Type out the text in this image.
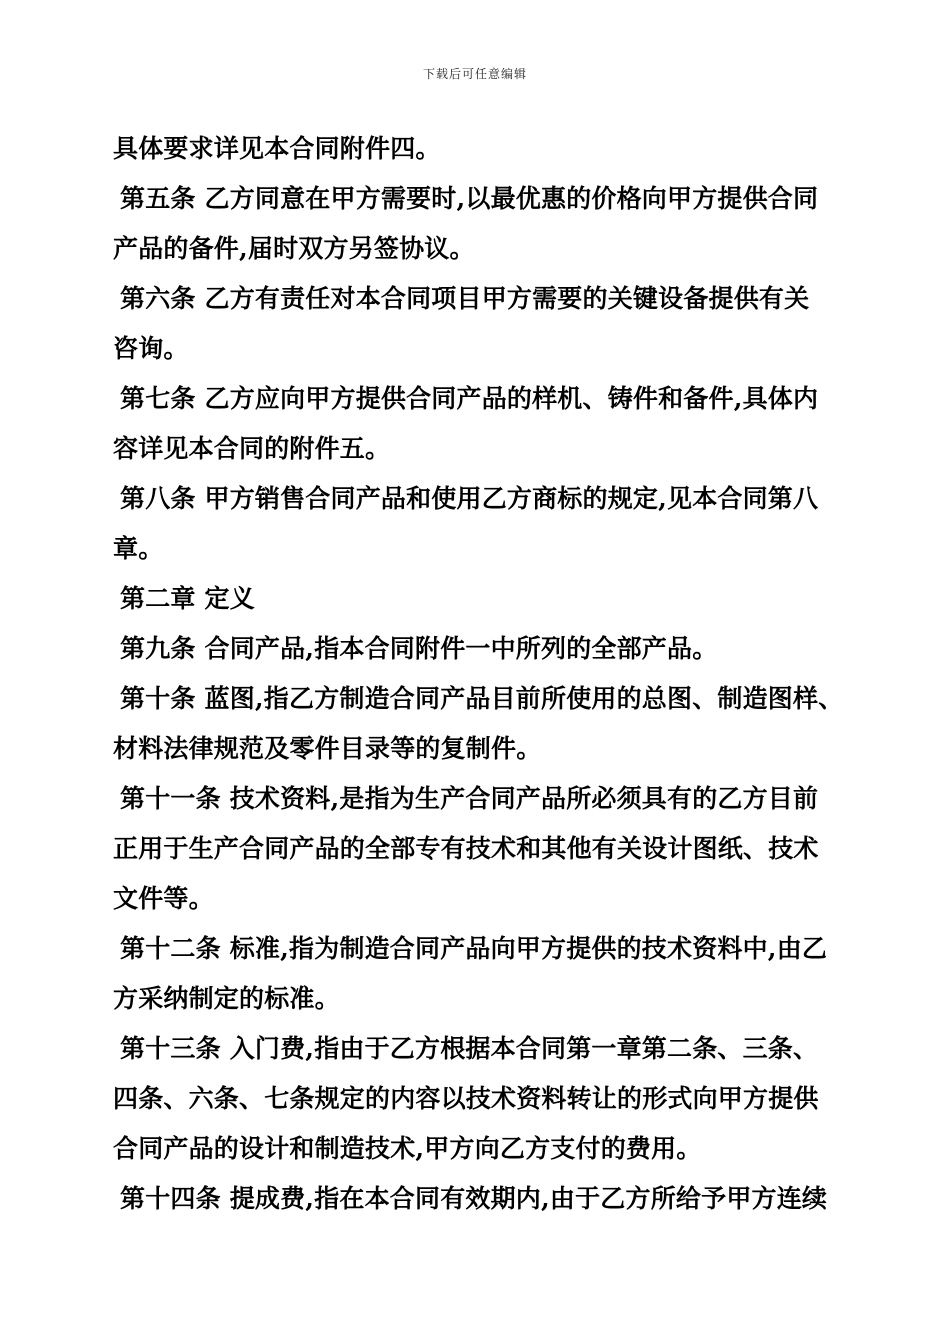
下载后可任意编辑
具体要求详见本合同附件四。
第五条 乙方同意在甲方需要时,以最优惠的价格向甲方提供合同
产品的备件,届时双方另签协议。
第六条 乙方有责任对本合同项目甲方需要的关键设备提供有关
咨询。
第七条 乙方应向甲方提供合同产品的样机、铸件和备件,具体内
容详见本合同的附件五。
第八条 甲方销售合同产品和使用乙方商标的规定,见本合同第八
章。
第二章 定义
第九条 合同产品,指本合同附件一中所列的全部产品。
第十条 蓝图,指乙方制造合同产品目前所使用的总图、制造图样、
材料法律规范及零件目录等的复制件。
第十一条 技术资料,是指为生产合同产品所必须具有的乙方目前
正用于生产合同产品的全部专有技术和其他有关设计图纸、技术
文件等。
第十二条 标准,指为制造合同产品向甲方提供的技术资料中,由乙
方采纳制定的标准。
第十三条 入门费,指由于乙方根据本合同第一章第二条、三条、
四条、六条、七条规定的内容以技术资料转让的形式向甲方提供
合同产品的设计和制造技术,甲方向乙方支付的费用。
第十四条 提成费,指在本合同有效期内,由于乙方所给予甲方连续
